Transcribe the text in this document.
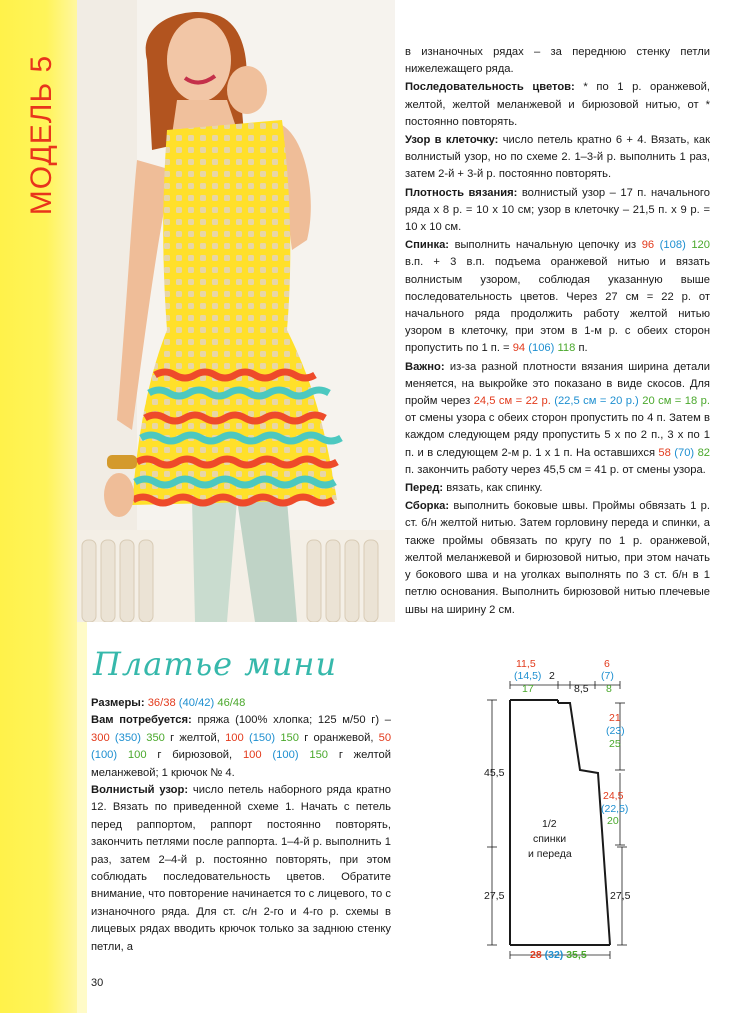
МОДЕЛЬ 5

в изнаночных рядах – за переднюю стенку петли нижележащего ряда.

Последовательность цветов: * по 1 р. оранжевой, желтой, желтой меланжевой и бирюзовой нитью, от * постоянно повторять.

Узор в клеточку: число петель кратно 6 + 4. Вязать, как волнистый узор, но по схеме 2. 1–3-й р. выполнить 1 раз, затем 2-й + 3-й р. постоянно повторять.

Плотность вязания: волнистый узор – 17 п. начального ряда х 8 р. = 10 х 10 см; узор в клеточку – 21,5 п. х 9 р. = 10 х 10 см.

Спинка: выполнить начальную цепочку из 96 (108) 120 в.п. + 3 в.п. подъема оранжевой нитью и вязать волнистым узором, соблюдая указанную выше последовательность цветов. Через 27 см = 22 р. от начального ряда продолжить работу желтой нитью узором в клеточку, при этом в 1-м р. с обеих сторон пропустить по 1 п. = 94 (106) 118 п.

Важно: из-за разной плотности вязания ширина детали меняется, на выкройке это показано в виде скосов. Для пройм через 24,5 см = 22 р. (22,5 см = 20 р.) 20 см = 18 р. от смены узора с обеих сторон пропустить по 4 п. Затем в каждом следующем ряду пропустить 5 х по 2 п., 3 х по 1 п. и в следующем 2-м р. 1 х 1 п. На оставшихся 58 (70) 82 п. закончить работу через 45,5 см = 41 р. от смены узора.

Перед: вязать, как спинку.

Сборка: выполнить боковые швы. Проймы обвязать 1 р. ст. б/н желтой нитью. Затем горловину переда и спинки, а также проймы обвязать по кругу по 1 р. оранжевой, желтой меланжевой и бирюзовой нитью, при этом начать у бокового шва и на уголках выполнять по 3 ст. б/н в 1 петлю основания. Выполнить бирюзовой нитью плечевые швы на ширину 2 см.

Платье мини

Размеры: 36/38 (40/42) 46/48

Вам потребуется: пряжа (100% хлопка; 125 м/50 г) – 300 (350) 350 г желтой, 100 (150) 150 г оранжевой, 50 (100) 100 г бирюзовой, 100 (100) 150 г желтой меланжевой; 1 крючок № 4.

Волнистый узор: число петель наборного ряда кратно 12. Вязать по приведенной схеме 1. Начать с петель перед раппортом, раппорт постоянно повторять, закончить петлями после раппорта. 1–4-й р. выполнить 1 раз, затем 2–4-й р. постоянно повторять, при этом соблюдать последовательность цветов. Обратите внимание, что повторение начинается то с лицевого, то с изнаночного ряда. Для ст. с/н 2-го и 4-го р. схемы в лицевых рядах вводить крючок только за заднюю стенку петли, а

11,5
(14,5)
17
2
8,5
6
(7)
8
21
(23)
25
24,5
(22,5)
20
45,5
27,5	27,5
1/2
спинки
и переда
28 (32) 35,5
30
